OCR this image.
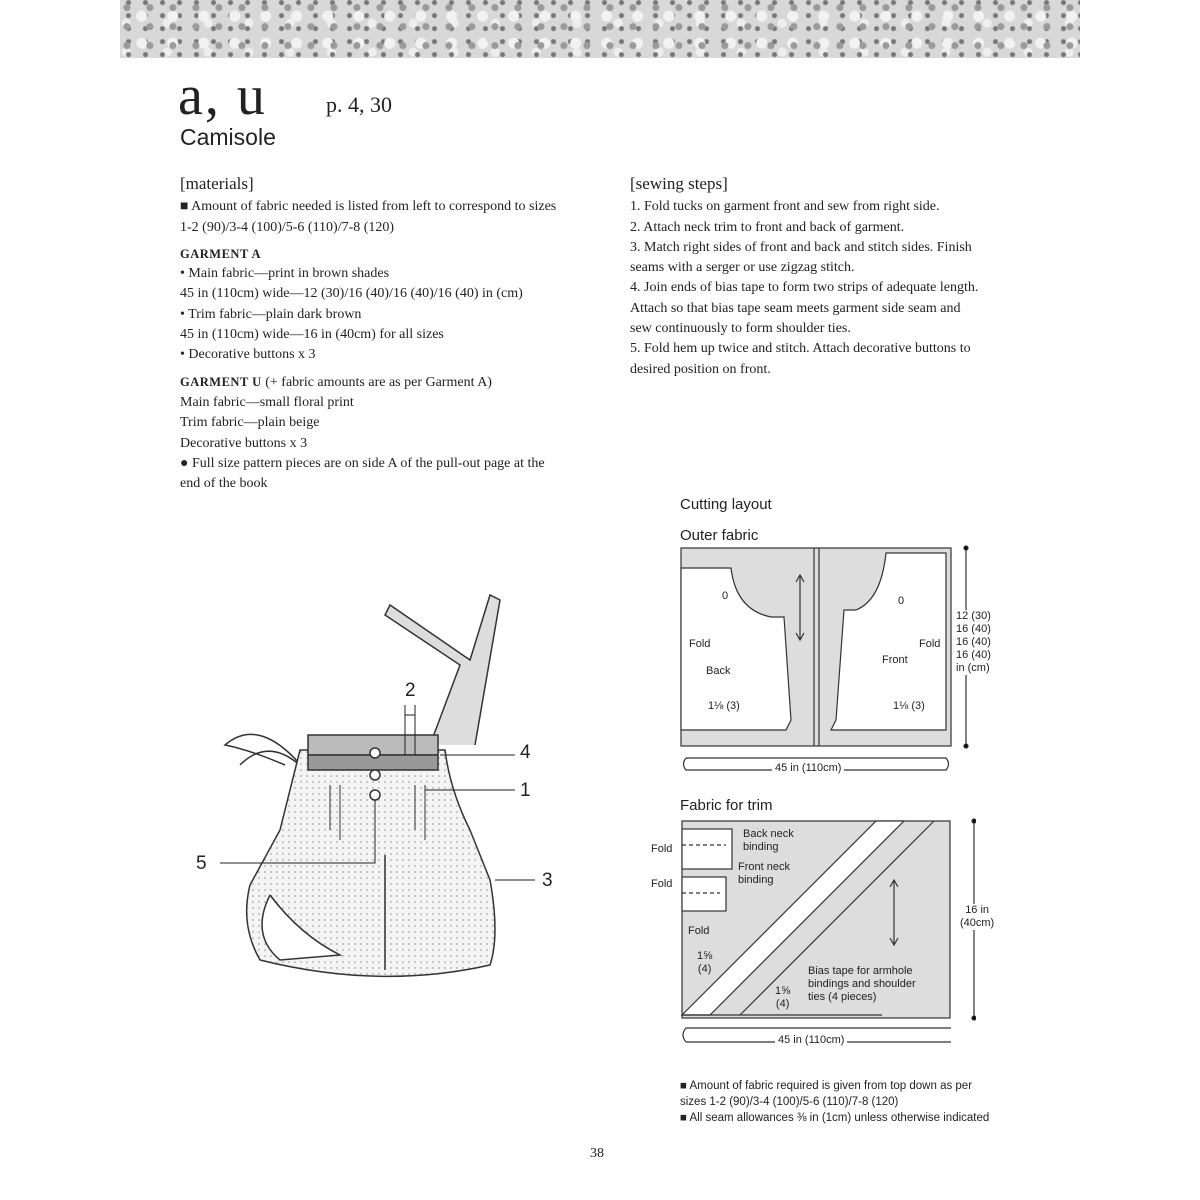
a, u	p. 4, 30
Camisole
[materials]
■ Amount of fabric needed is listed from left to correspond to sizes
1-2 (90)/3-4 (100)/5-6 (110)/7-8 (120)
GARMENT A
• Main fabric—print in brown shades
45 in (110cm) wide—12 (30)/16 (40)/16 (40)/16 (40) in (cm)
• Trim fabric—plain dark brown
45 in (110cm) wide—16 in (40cm) for all sizes
• Decorative buttons x 3
GARMENT U (+ fabric amounts are as per Garment A)
Main fabric—small floral print
Trim fabric—plain beige
Decorative buttons x 3
● Full size pattern pieces are on side A of the pull-out page at the
end of the book
[sewing steps]
1. Fold tucks on garment front and sew from right side.
2. Attach neck trim to front and back of garment.
3. Match right sides of front and back and stitch sides. Finish
seams with a serger or use zigzag stitch.
4. Join ends of bias tape to form two strips of adequate length.
Attach so that bias tape seam meets garment side seam and
sew continuously to form shoulder ties.
5. Fold hem up twice and stitch. Attach decorative buttons to
desired position on front.
2
4
1
5
3
Cutting layout
Outer fabric
0	0
Fold	Fold
Back
Front
1⅛ (3)	1⅛ (3)
12 (30)
16 (40)
16 (40)
16 (40)
in (cm)
45 in (110cm)
Fabric for trim
Back neck
binding
Front neck
binding
Fold
Fold
Fold
1⅝
(4)
1⅝
(4)
Bias tape for armhole
bindings and shoulder
ties (4 pieces)
16 in
(40cm)
45 in (110cm)
■ Amount of fabric required is given from top down as per
sizes 1-2 (90)/3-4 (100)/5-6 (110)/7-8 (120)
■ All seam allowances ⅜ in (1cm) unless otherwise indicated
38
